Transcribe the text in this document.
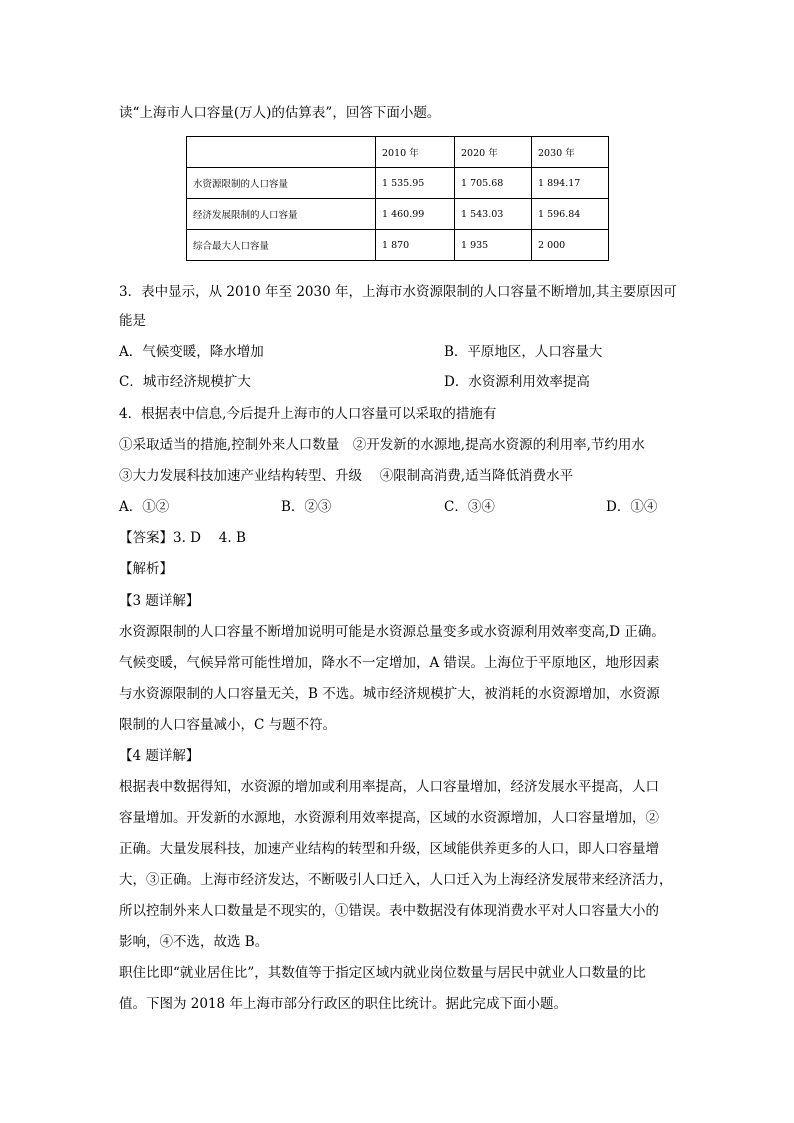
读“上海市人口容量(万人)的估算表”，回答下面小题。
	2010 年	2020 年	2030 年
水资源限制的人口容量	1 535.95	1 705.68	1 894.17
经济发展限制的人口容量	1 460.99	1 543.03	1 596.84
综合最大人口容量	1 870	1 935	2 000
3．表中显示，从 2010 年至 2030 年，上海市水资源限制的人口容量不断增加,其主要原因可
能是
A．气候变暖，降水增加	B．平原地区，人口容量大
C．城市经济规模扩大	D．水资源利用效率提高
4．根据表中信息,今后提升上海市的人口容量可以采取的措施有
①采取适当的措施,控制外来人口数量　②开发新的水源地,提高水资源的利用率,节约用水
③大力发展科技加速产业结构转型、升级　 ④限制高消费,适当降低消费水平
A．①②	B．②③	C．③④	D．①④
【答案】3. D　 4. B
【解析】
【3 题详解】
水资源限制的人口容量不断增加说明可能是水资源总量变多或水资源利用效率变高,D 正确。
气候变暖，气候异常可能性增加，降水不一定增加，A 错误。上海位于平原地区，地形因素
与水资源限制的人口容量无关，B 不选。城市经济规模扩大，被消耗的水资源增加，水资源
限制的人口容量减小，C 与题不符。
【4 题详解】
根据表中数据得知，水资源的增加或利用率提高，人口容量增加，经济发展水平提高，人口
容量增加。开发新的水源地，水资源利用效率提高，区域的水资源增加，人口容量增加，②
正确。大量发展科技，加速产业结构的转型和升级，区域能供养更多的人口，即人口容量增
大，③正确。上海市经济发达，不断吸引人口迁入，人口迁入为上海经济发展带来经济活力，
所以控制外来人口数量是不现实的，①错误。表中数据没有体现消费水平对人口容量大小的
影响，④不选，故选 B。
职住比即“就业居住比”，其数值等于指定区域内就业岗位数量与居民中就业人口数量的比
值。下图为 2018 年上海市部分行政区的职住比统计。据此完成下面小题。
